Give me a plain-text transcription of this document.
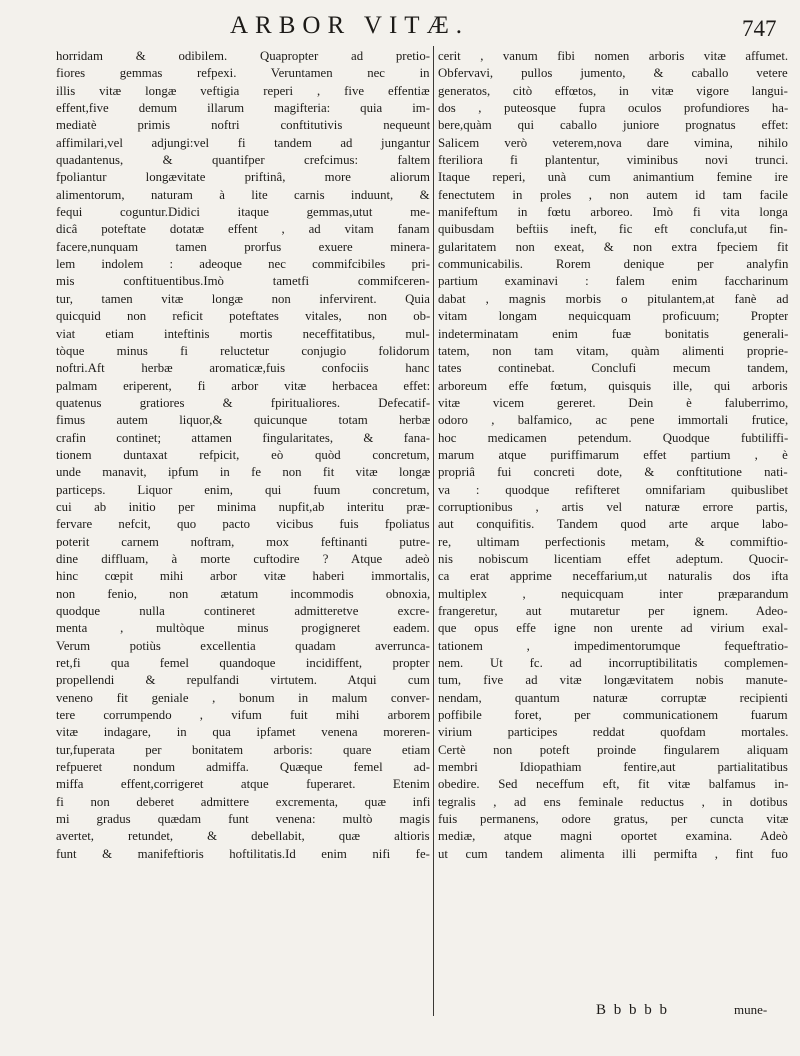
ARBOR VITÆ.	747
horridam & odibilem. Quapropter ad pretio-
fiores gemmas refpexi. Veruntamen nec in
illis vitæ longæ veftigia reperi , five effentiæ
effent,five demum illarum magifteria: quia im-
mediatè primis noftri conftitutivis nequeunt
affimilari,vel adjungi:vel fi tandem ad jungantur
quadantenus, & quantifper crefcimus: faltem
fpoliantur longævitate priftinâ, more aliorum
alimentorum, naturam à lite carnis induunt, &
fequi coguntur.Didici itaque gemmas,utut me-
dicâ poteftate dotatæ effent , ad vitam fanam
facere,nunquam tamen prorfus exuere minera-
lem indolem : adeoque nec commifcibiles pri-
mis conftituentibus.Imò tametfi commifceren-
tur, tamen vitæ longæ non infervirent. Quia
quicquid non reficit poteftates vitales, non ob-
viat etiam inteftinis mortis neceffitatibus, mul-
tòque minus fi reluctetur conjugio folidorum
noftri.Aft herbæ aromaticæ,fuis confociis hanc
palmam eriperent, fi arbor vitæ herbacea effet:
quatenus gratiores & fpiritualiores. Defecatif-
fimus autem liquor,& quicunque totam herbæ
crafin continet; attamen fingularitates, & fana-
tionem duntaxat refpicit, eò quòd concretum,
unde manavit, ipfum in fe non fit vitæ longæ
particeps. Liquor enim, qui fuum concretum,
cui ab initio per minima nupfit,ab interitu præ-
fervare nefcit, quo pacto vicibus fuis fpoliatus
poterit carnem noftram, mox feftinanti putre-
dine diffluam, à morte cuftodire ? Atque adeò
hinc cœpit mihi arbor vitæ haberi immortalis,
non fenio, non ætatum incommodis obnoxia,
quodque nulla contineret admitteretve excre-
menta , multòque minus progigneret eadem.
Verum potiùs excellentia quadam averrunca-
ret,fi qua femel quandoque incidiffent, propter
propellendi & repulfandi virtutem. Atqui cum
veneno fit geniale , bonum in malum conver-
tere corrumpendo , vifum fuit mihi arborem
vitæ indagare, in qua ipfamet venena moreren-
tur,fuperata per bonitatem arboris: quare etiam
refpueret nondum admiffa. Quæque femel ad-
miffa effent,corrigeret atque fuperaret. Etenim
fi non deberet admittere excrementa, quæ infi
mi gradus quædam funt venena: multò magis
avertet, retundet, & debellabit, quæ altioris
funt & manifeftioris hoftilitatis.Id enim nifi fe-
cerit , vanum fibi nomen arboris vitæ affumet.
Obfervavi, pullos jumento, & caballo vetere
generatos, citò effœtos, in vitæ vigore langui-
dos , puteosque fupra oculos profundiores ha-
bere,quàm qui caballo juniore prognatus effet:
Salicem verò veterem,nova dare vimina, nihilo
fteriliora fi plantentur, viminibus novi trunci.
Itaque reperi, unà cum animantium femine ire
fenectutem in proles , non autem id tam facile
manifeftum in fœtu arboreo. Imò fi vita longa
quibusdam beftiis ineft, fic eft conclufa,ut fin-
gularitatem non exeat, & non extra fpeciem fit
communicabilis. Rorem denique per analyfin
partium examinavi : falem enim faccharinum
dabat , magnis morbis o pitulantem,at fanè ad
vitam longam nequicquam proficuum; Propter
indeterminatam enim fuæ bonitatis generali-
tatem, non tam vitam, quàm alimenti proprie-
tates continebat. Conclufi mecum tandem,
arboreum effe fœtum, quisquis ille, qui arboris
vitæ vicem gereret. Dein è faluberrimo,
odoro , balfamico, ac pene immortali frutice,
hoc medicamen petendum. Quodque fubtiliffi-
marum atque puriffimarum effet partium , è
propriâ fui concreti dote, & conftitutione nati-
va : quodque refifteret omnifariam quibuslibet
corruptionibus , artis vel naturæ errore partis,
aut conquifitis. Tandem quod arte arque labo-
re, ultimam perfectionis metam, & commiftio-
nis nobiscum licentiam effet adeptum. Quocir-
ca erat apprime neceffarium,ut naturalis dos ifta
multiplex , nequicquam inter præparandum
frangeretur, aut mutaretur per ignem. Adeo-
que opus effe igne non urente ad virium exal-
tationem , impedimentorumque fequeftratio-
nem. Ut fc. ad incorruptibilitatis complemen-
tum, five ad vitæ longævitatem nobis manute-
nendam, quantum naturæ corruptæ recipienti
poffibile foret, per communicationem fuarum
virium participes reddat quofdam mortales.
Certè non poteft proinde fingularem aliquam
membri Idiopathiam fentire,aut partialitatibus
obedire. Sed neceffum eft, fit vitæ balfamus in-
tegralis , ad ens feminale reductus , in dotibus
fuis permanens, odore gratus, per cuncta vitæ
mediæ, atque magni oportet examina. Adeò
ut cum tandem alimenta illi permifta , fint fuo
B b b b b	mune-
